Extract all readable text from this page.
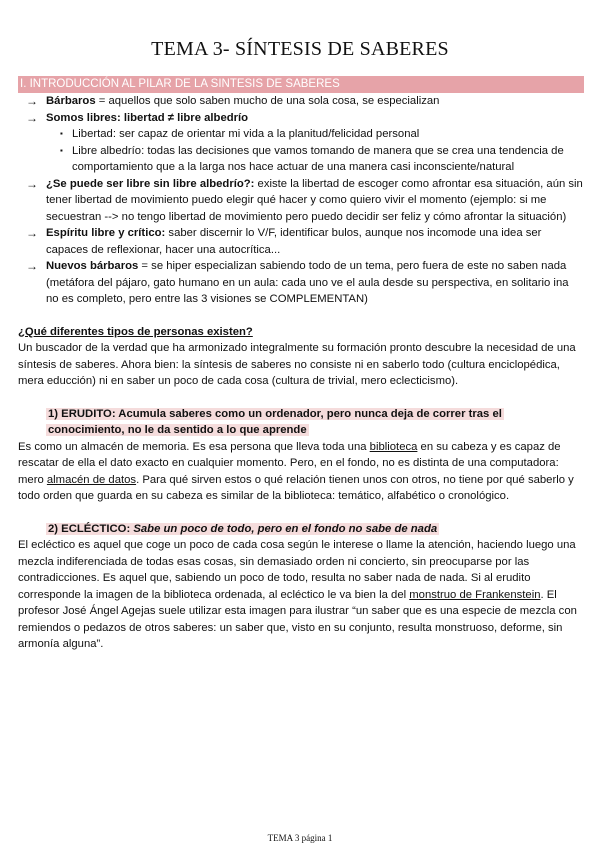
TEMA 3- SÍNTESIS DE SABERES
I. INTRODUCCIÓN AL PILAR DE LA SINTESIS DE SABERES
→ Bárbaros = aquellos que solo saben mucho de una sola cosa, se especializan
→ Somos libres: libertad ≠ libre albedrío
▪ Libertad: ser capaz de orientar mi vida a la planitud/felicidad personal
▪ Libre albedrío: todas las decisiones que vamos tomando de manera que se crea una tendencia de comportamiento que a la larga nos hace actuar de una manera casi inconsciente/natural
→ ¿Se puede ser libre sin libre albedrío?: existe la libertad de escoger como afrontar esa situación, aún sin tener libertad de movimiento puedo elegir qué hacer y como quiero vivir el momento (ejemplo: si me secuestran --> no tengo libertad de movimiento pero puedo decidir ser feliz y cómo afrontar la situación)
→ Espíritu libre y crítico: saber discernir lo V/F, identificar bulos, aunque nos incomode una idea ser capaces de reflexionar, hacer una autocrítica...
→ Nuevos bárbaros = se hiper especializan sabiendo todo de un tema, pero fuera de este no saben nada (metáfora del pájaro, gato humano en un aula: cada uno ve el aula desde su perspectiva, en solitario ina no es completo, pero entre las 3 visiones se COMPLEMENTAN)
¿Qué diferentes tipos de personas existen?
Un buscador de la verdad que ha armonizado integralmente su formación pronto descubre la necesidad de una síntesis de saberes. Ahora bien: la síntesis de saberes no consiste ni en saberlo todo (cultura enciclopédica, mera educción) ni en saber un poco de cada cosa (cultura de trivial, mero eclecticismo).
1) ERUDITO: Acumula saberes como un ordenador, pero nunca deja de correr tras el conocimiento, no le da sentido a lo que aprende
Es como un almacén de memoria. Es esa persona que lleva toda una biblioteca en su cabeza y es capaz de rescatar de ella el dato exacto en cualquier momento. Pero, en el fondo, no es distinta de una computadora: mero almacén de datos. Para qué sirven estos o qué relación tienen unos con otros, no tiene por qué saberlo y todo orden que guarda en su cabeza es similar de la biblioteca: temático, alfabético o cronológico.
2) ECLÉCTICO: Sabe un poco de todo, pero en el fondo no sabe de nada
El ecléctico es aquel que coge un poco de cada cosa según le interese o llame la atención, haciendo luego una mezcla indiferenciada de todas esas cosas, sin demasiado orden ni concierto, sin preocuparse por las contradicciones. Es aquel que, sabiendo un poco de todo, resulta no saber nada de nada. Si al erudito corresponde la imagen de la biblioteca ordenada, al ecléctico le va bien la del monstruo de Frankenstein. El profesor José Ángel Agejas suele utilizar esta imagen para ilustrar “un saber que es una especie de mezcla con remiendos o pedazos de otros saberes: un saber que, visto en su conjunto, resulta monstruoso, deforme, sin armonía alguna”.
TEMA 3 página 1
